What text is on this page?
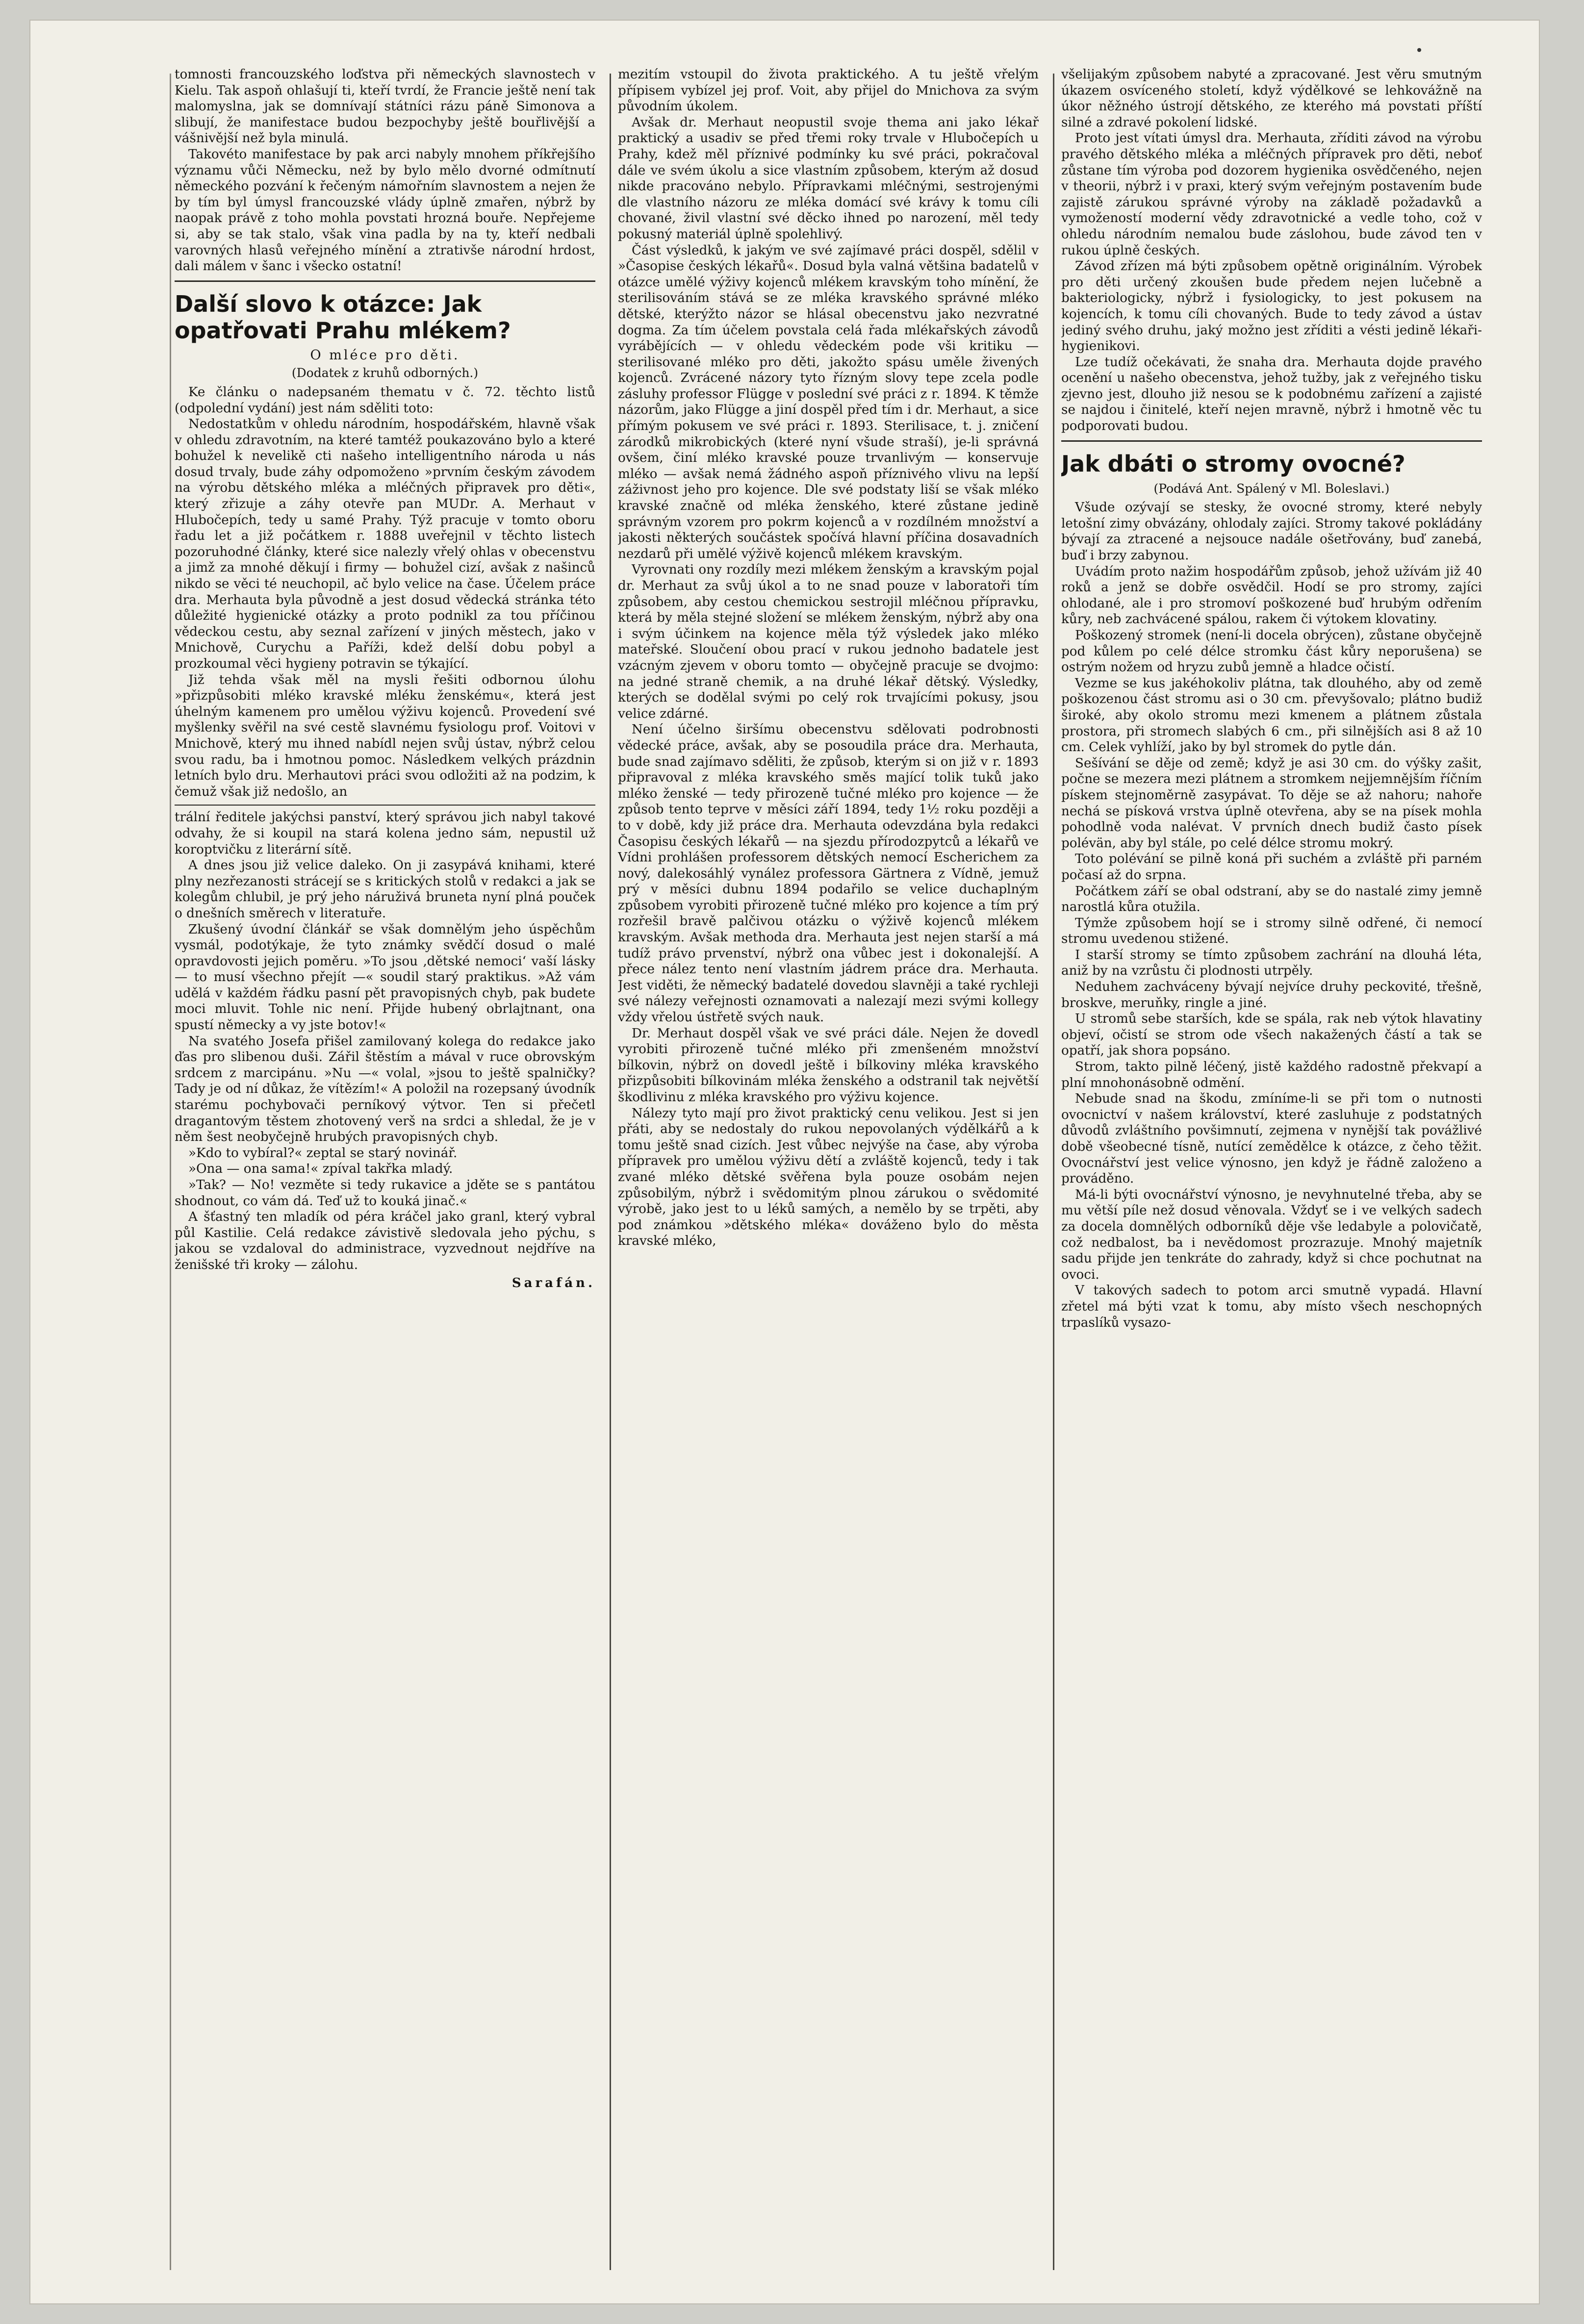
tomnosti francouzského loďstva při německých slavnostech v Kielu. Tak aspoň ohlašují ti, kteří tvrdí, že Francie ještě není tak malomyslna, jak se domnívají státníci rázu páně Simonova a slibují, že manifestace budou bezpochyby ještě bouřlivější a vášnivější než byla minulá.

Takovéto manifestace by pak arci nabyly mnohem příkřejšího významu vůči Německu, než by bylo mělo dvorné odmítnutí německého pozvání k řečeným námořním slavnostem a nejen že by tím byl úmysl francouzské vlády úplně zmařen, nýbrž by naopak právě z toho mohla povstati hrozná bouře. Nepřejeme si, aby se tak stalo, však vina padla by na ty, kteří nedbali varovných hlasů veřejného mínění a ztrativše národní hrdost, dali málem v šanc i všecko ostatní!

Další slovo k otázce: Jak opatřovati Prahu mlékem?

O mléce pro děti.

(Dodatek z kruhů odborných.)

Ke článku o nadepsaném thematu v č. 72. těchto listů (odpolední vydání) jest nám sděliti toto:

Nedostatkům v ohledu národním, hospodářském, hlavně však v ohledu zdravotním, na které tamtéž poukazováno bylo a které bohužel k nevelikě cti našeho intelligentního národa u nás dosud trvaly, bude záhy odpomoženo »prvním českým závodem na výrobu dětského mléka a mléčných připravek pro děti«, který zřizuje a záhy otevře pan MUDr. A. Merhaut v Hlubočepích, tedy u samé Prahy. Týž pracuje v tomto oboru řadu let a již počátkem r. 1888 uveřejnil v těchto listech pozoruhodné články, které sice nalezly vřelý ohlas v obecenstvu a jimž za mnohé děkují i firmy — bohužel cizí, avšak z našinců nikdo se věci té neuchopil, ač bylo velice na čase. Účelem práce dra. Merhauta byla původně a jest dosud vědecká stránka této důležité hygienické otázky a proto podnikl za tou příčinou vědeckou cestu, aby seznal zařízení v jiných městech, jako v Mnichově, Curychu a Paříži, kdež delší dobu pobyl a prozkoumal věci hygieny potravin se týkající.

Již tehda však měl na mysli řešiti odbornou úlohu »přizpůsobiti mléko kravské mléku ženskému«, která jest úhelným kamenem pro umělou výživu kojenců. Provedení své myšlenky svěřil na své cestě slavnému fysiologu prof. Voitovi v Mnichově, který mu ihned nabídl nejen svůj ústav, nýbrž celou svou radu, ba i hmotnou pomoc. Následkem velkých prázdnin letních bylo dru. Merhautovi práci svou odložiti až na podzim, k čemuž však již nedošlo, an

trální ředitele jakýchsi panství, který správou jich nabyl takové odvahy, že si koupil na stará kolena jedno sám, nepustil už koroptvičku z literární sítě.

A dnes jsou již velice daleko. On ji zasypává knihami, které plny nezřezanosti strácejí se s kritických stolů v redakci a jak se kolegům chlubil, je prý jeho náruživá bruneta nyní plná pouček o dnešních směrech v literatuře.

Zkušený úvodní článkář se však domnělým jeho úspěchům vysmál, podotýkaje, že tyto známky svědčí dosud o malé opravdovosti jejich poměru. »To jsou ‚dětské nemoci‘ vaší lásky — to musí všechno přejít —« soudil starý praktikus. »Až vám udělá v každém řádku pasní pět pravopisných chyb, pak budete moci mluvit. Tohle nic není. Přijde hubený obrlajtnant, ona spustí německy a vy jste botov!«

Na svatého Josefa přišel zamilovaný kolega do redakce jako ďas pro slibenou duši. Zářil štěstím a mával v ruce obrovským srdcem z marcipánu. »Nu —« volal, »jsou to ještě spalničky? Tady je od ní důkaz, že vítězím!« A položil na rozepsaný úvodník starému pochybovači perníkový výtvor. Ten si přečetl dragantovým těstem zhotovený verš na srdci a shledal, že je v něm šest neobyčejně hrubých pravopisných chyb.

»Kdo to vybíral?« zeptal se starý novinář.

»Ona — ona sama!« zpíval takřka mladý.

»Tak? — No! vezměte si tedy rukavice a jděte se s pantátou shodnout, co vám dá. Teď už to kouká jinač.«

A šťastný ten mladík od péra kráčel jako granl, který vybral půl Kastilie. Celá redakce závistivě sledovala jeho pýchu, s jakou se vzdaloval do administrace, vyzvednout nejdříve na ženišské tři kroky — zálohu.

Sarafán.

mezitím vstoupil do života praktického. A tu ještě vřelým přípisem vybízel jej prof. Voit, aby přijel do Mnichova za svým původním úkolem.

Avšak dr. Merhaut neopustil svoje thema ani jako lékař praktický a usadiv se před třemi roky trvale v Hlubočepích u Prahy, kdež měl příznivé podmínky ku své práci, pokračoval dále ve svém úkolu a sice vlastním způsobem, kterým až dosud nikde pracováno nebylo. Přípravkami mléčnými, sestrojenými dle vlastního názoru ze mléka domácí své krávy k tomu cíli chované, živil vlastní své děcko ihned po narození, měl tedy pokusný materiál úplně spolehlivý.

Část výsledků, k jakým ve své zajímavé práci dospěl, sdělil v »Časopise českých lékařů«. Dosud byla valná většina badatelů v otázce umělé výživy kojenců mlékem kravským toho mínění, že sterilisováním stává se ze mléka kravského správné mléko dětské, kterýžto názor se hlásal obecenstvu jako nezvratné dogma. Za tím účelem povstala celá řada mlékařských závodů vyrábějících — v ohledu vědeckém pode vši kritiku — sterilisované mléko pro děti, jakožto spásu uměle živených kojenců. Zvrácené názory tyto řízným slovy tepe zcela podle zásluhy professor Flügge v poslední své práci z r. 1894. K těmže názorům, jako Flügge a jiní dospěl před tím i dr. Merhaut, a sice přímým pokusem ve své práci r. 1893. Sterilisace, t. j. zničení zárodků mikrobických (které nyní všude straší), je-li správná ovšem, činí mléko kravské pouze trvanlivým — konservuje mléko — avšak nemá žádného aspoň příznivého vlivu na lepší záživnost jeho pro kojence. Dle své podstaty liší se však mléko kravské značně od mléka ženského, které zůstane jedině správným vzorem pro pokrm kojenců a v rozdílném množství a jakosti některých součástek spočívá hlavní příčina dosavadních nezdarů při umělé výživě kojenců mlékem kravským.

Vyrovnati ony rozdíly mezi mlékem ženským a kravským pojal dr. Merhaut za svůj úkol a to ne snad pouze v laboratoři tím způsobem, aby cestou chemickou sestrojil mléčnou přípravku, která by měla stejné složení se mlékem ženským, nýbrž aby ona i svým účinkem na kojence měla týž výsledek jako mléko mateřské. Sloučení obou prací v rukou jednoho badatele jest vzácným zjevem v oboru tomto — obyčejně pracuje se dvojmo: na jedné straně chemik, a na druhé lékař dětský. Výsledky, kterých se dodělal svými po celý rok trvajícími pokusy, jsou velice zdárné.

Není účelno širšímu obecenstvu sdělovati podrobnosti vědecké práce, avšak, aby se posoudila práce dra. Merhauta, bude snad zajímavo sděliti, že způsob, kterým si on již v r. 1893 připravoval z mléka kravského směs mající tolik tuků jako mléko ženské — tedy přirozeně tučné mléko pro kojence — že způsob tento teprve v měsíci září 1894, tedy 1½ roku později a to v době, kdy již práce dra. Merhauta odevzdána byla redakci Časopisu českých lékařů — na sjezdu přírodozpytců a lékařů ve Vídni prohlášen professorem dětských nemocí Escherichem za nový, dalekosáhlý vynález professora Gärtnera z Vídně, jemuž prý v měsíci dubnu 1894 podařilo se velice duchaplným způsobem vyrobiti přirozeně tučné mléko pro kojence a tím prý rozřešil bravě palčivou otázku o výživě kojenců mlékem kravským. Avšak methoda dra. Merhauta jest nejen starší a má tudíž právo prvenství, nýbrž ona vůbec jest i dokonalejší. A přece nález tento není vlastním jádrem práce dra. Merhauta. Jest viděti, že německý badatelé dovedou slavněji a také rychleji své nálezy veřejnosti oznamovati a nalezají mezi svými kollegy vždy vřelou ústřetě svých nauk.

Dr. Merhaut dospěl však ve své práci dále. Nejen že dovedl vyrobiti přirozeně tučné mléko při zmenšeném množství bílkovin, nýbrž on dovedl ještě i bílkoviny mléka kravského přizpůsobiti bílkovinám mléka ženského a odstranil tak největší škodlivinu z mléka kravského pro výživu kojence.

Nálezy tyto mají pro život praktický cenu velikou. Jest si jen přáti, aby se nedostaly do rukou nepovolaných výdělkářů a k tomu ještě snad cizích. Jest vůbec nejvýše na čase, aby výroba přípravek pro umělou výživu dětí a zvláště kojenců, tedy i tak zvané mléko dětské svěřena byla pouze osobám nejen způsobilým, nýbrž i svědomitým plnou zárukou o svědomité výrobě, jako jest to u léků samých, a nemělo by se trpěti, aby pod známkou »dětského mléka« dováženo bylo do města kravské mléko,

všelijakým způsobem nabyté a zpracované. Jest věru smutným úkazem osvíceného století, když výdělkové se lehkovážně na úkor něžného ústrojí dětského, ze kterého má povstati příští silné a zdravé pokolení lidské.

Proto jest vítati úmysl dra. Merhauta, zříditi závod na výrobu pravého dětského mléka a mléčných přípravek pro děti, neboť zůstane tím výroba pod dozorem hygienika osvědčeného, nejen v theorii, nýbrž i v praxi, který svým veřejným postavením bude zajistě zárukou správné výroby na základě požadavků a vymožeností moderní vědy zdravotnické a vedle toho, což v ohledu národním nemalou bude záslohou, bude závod ten v rukou úplně českých.

Závod zřízen má býti způsobem opětně originálním. Výrobek pro děti určený zkoušen bude předem nejen lučebně a bakteriologicky, nýbrž i fysiologicky, to jest pokusem na kojencích, k tomu cíli chovaných. Bude to tedy závod a ústav jediný svého druhu, jaký možno jest zříditi a vésti jedině lékaři-hygienikovi.

Lze tudíž očekávati, že snaha dra. Merhauta dojde pravého ocenění u našeho obecenstva, jehož tužby, jak z veřejného tisku zjevno jest, dlouho již nesou se k podobnému zařízení a zajisté se najdou i činitelé, kteří nejen mravně, nýbrž i hmotně věc tu podporovati budou.

Jak dbáti o stromy ovocné?

(Podává Ant. Spálený v Ml. Boleslavi.)

Všude ozývají se stesky, že ovocné stromy, které nebyly letošní zimy obvázány, ohlodaly zajíci. Stromy takové pokládány bývají za ztracené a nejsouce nadále ošetřovány, buď zanebá, buď i brzy zabynou.

Uvádím proto nažim hospodářům způsob, jehož užívám již 40 roků a jenž se dobře osvědčil. Hodí se pro stromy, zajíci ohlodané, ale i pro stromoví poškozené buď hrubým odřením kůry, neb zachvácené spálou, rakem či výtokem klovatiny.

Poškozený stromek (není-li docela obrýcen), zůstane obyčejně pod kůlem po celé délce stromku část kůry neporušena) se ostrým nožem od hryzu zubů jemně a hladce očistí.

Vezme se kus jakéhokoliv plátna, tak dlouhého, aby od země poškozenou část stromu asi o 30 cm. převyšovalo; plátno budiž široké, aby okolo stromu mezi kmenem a plátnem zůstala prostora, při stromech slabých 6 cm., při silnějších asi 8 až 10 cm. Celek vyhlíží, jako by byl stromek do pytle dán.

Sešívání se děje od země; když je asi 30 cm. do výšky zašit, počne se mezera mezi plátnem a stromkem nejjemnějším říčním pískem stejnoměrně zasypávat. To děje se až nahoru; nahoře nechá se písková vrstva úplně otevřena, aby se na písek mohla pohodlně voda nalévat. V prvních dnech budiž často písek polévän, aby byl stále, po celé délce stromu mokrý.

Toto polévání se pilně koná při suchém a zvláště při parném počasí až do srpna.

Počátkem září se obal odstraní, aby se do nastalé zimy jemně narostlá kůra otužila.

Týmže způsobem hojí se i stromy silně odřené, či nemocí stromu uvedenou stižené.

I starší stromy se tímto způsobem zachrání na dlouhá léta, aniž by na vzrůstu či plodnosti utrpěly.

Neduhem zachváceny bývají nejvíce druhy peckovité, třešně, broskve, meruňky, ringle a jiné.

U stromů sebe starších, kde se spála, rak neb výtok hlavatiny objeví, očistí se strom ode všech nakažených částí a tak se opatří, jak shora popsáno.

Strom, takto pilně léčený, jistě každého radostně překvapí a plní mnohonásobně odmění.

Nebude snad na škodu, zmíníme-li se při tom o nutnosti ovocnictví v našem království, které zasluhuje z podstatných důvodů zvláštního povšimnutí, zejmena v nynější tak povážlivé době všeobecné tísně, nutící zemědělce k otázce, z čeho těžit. Ovocnářství jest velice výnosno, jen když je řádně založeno a prováděno.

Má-li býti ovocnářství výnosno, je nevyhnutelné třeba, aby se mu větší píle než dosud věnovala. Vždyť se i ve velkých sadech za docela domnělých odborníků děje vše ledabyle a polovičatě, což nedbalost, ba i nevědomost prozrazuje. Mnohý majetník sadu přijde jen tenkráte do zahrady, když si chce pochutnat na ovoci.

V takových sadech to potom arci smutně vypadá. Hlavní zřetel má býti vzat k tomu, aby místo všech neschopných trpaslíků vysazo-
